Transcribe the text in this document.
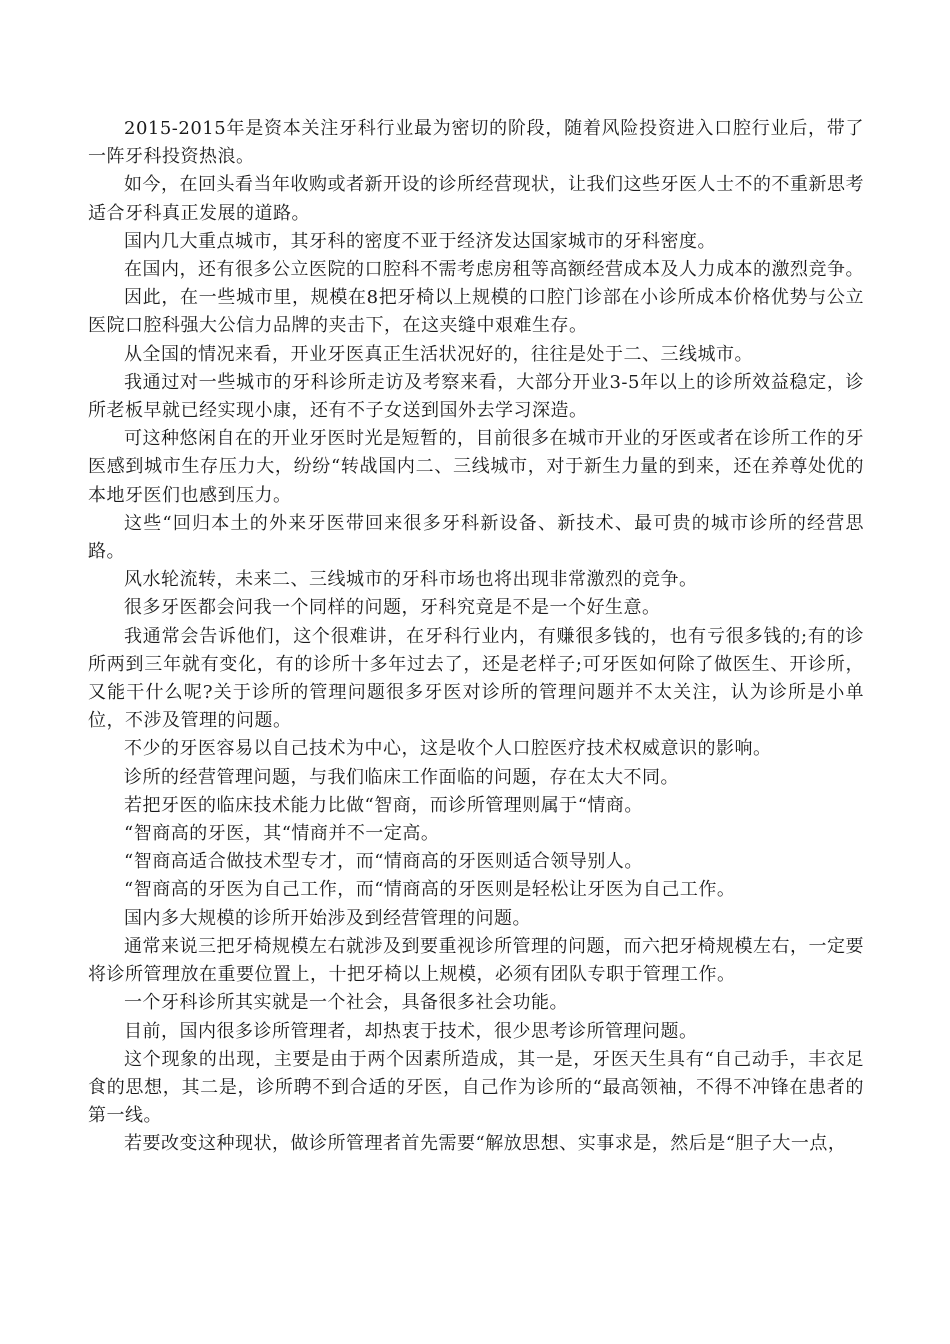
2015-2015年是资本关注牙科行业最为密切的阶段，随着风险投资进入口腔行业后，带了一阵牙科投资热浪。

如今，在回头看当年收购或者新开设的诊所经营现状，让我们这些牙医人士不的不重新思考适合牙科真正发展的道路。

国内几大重点城市，其牙科的密度不亚于经济发达国家城市的牙科密度。

在国内，还有很多公立医院的口腔科不需考虑房租等高额经营成本及人力成本的激烈竞争。

因此，在一些城市里，规模在8把牙椅以上规模的口腔门诊部在小诊所成本价格优势与公立医院口腔科强大公信力品牌的夹击下，在这夹缝中艰难生存。

从全国的情况来看，开业牙医真正生活状况好的，往往是处于二、三线城市。

我通过对一些城市的牙科诊所走访及考察来看，大部分开业3-5年以上的诊所效益稳定，诊所老板早就已经实现小康，还有不子女送到国外去学习深造。

可这种悠闲自在的开业牙医时光是短暂的，目前很多在城市开业的牙医或者在诊所工作的牙医感到城市生存压力大，纷纷“转战国内二、三线城市，对于新生力量的到来，还在养尊处优的本地牙医们也感到压力。

这些“回归本土的外来牙医带回来很多牙科新设备、新技术、最可贵的城市诊所的经营思路。

风水轮流转，未来二、三线城市的牙科市场也将出现非常激烈的竞争。

很多牙医都会问我一个同样的问题，牙科究竟是不是一个好生意。

我通常会告诉他们，这个很难讲，在牙科行业内，有赚很多钱的，也有亏很多钱的;有的诊所两到三年就有变化，有的诊所十多年过去了，还是老样子;可牙医如何除了做医生、开诊所，又能干什么呢?关于诊所的管理问题很多牙医对诊所的管理问题并不太关注，认为诊所是小单位，不涉及管理的问题。

不少的牙医容易以自己技术为中心，这是收个人口腔医疗技术权威意识的影响。

诊所的经营管理问题，与我们临床工作面临的问题，存在太大不同。

若把牙医的临床技术能力比做“智商，而诊所管理则属于“情商。

“智商高的牙医，其“情商并不一定高。

“智商高适合做技术型专才，而“情商高的牙医则适合领导别人。

“智商高的牙医为自己工作，而“情商高的牙医则是轻松让牙医为自己工作。

国内多大规模的诊所开始涉及到经营管理的问题。

通常来说三把牙椅规模左右就涉及到要重视诊所管理的问题，而六把牙椅规模左右，一定要将诊所管理放在重要位置上，十把牙椅以上规模，必须有团队专职于管理工作。

一个牙科诊所其实就是一个社会，具备很多社会功能。

目前，国内很多诊所管理者，却热衷于技术，很少思考诊所管理问题。

这个现象的出现，主要是由于两个因素所造成，其一是，牙医天生具有“自己动手，丰衣足食的思想，其二是，诊所聘不到合适的牙医，自己作为诊所的“最高领袖，不得不冲锋在患者的第一线。

若要改变这种现状，做诊所管理者首先需要“解放思想、实事求是，然后是“胆子大一点，
